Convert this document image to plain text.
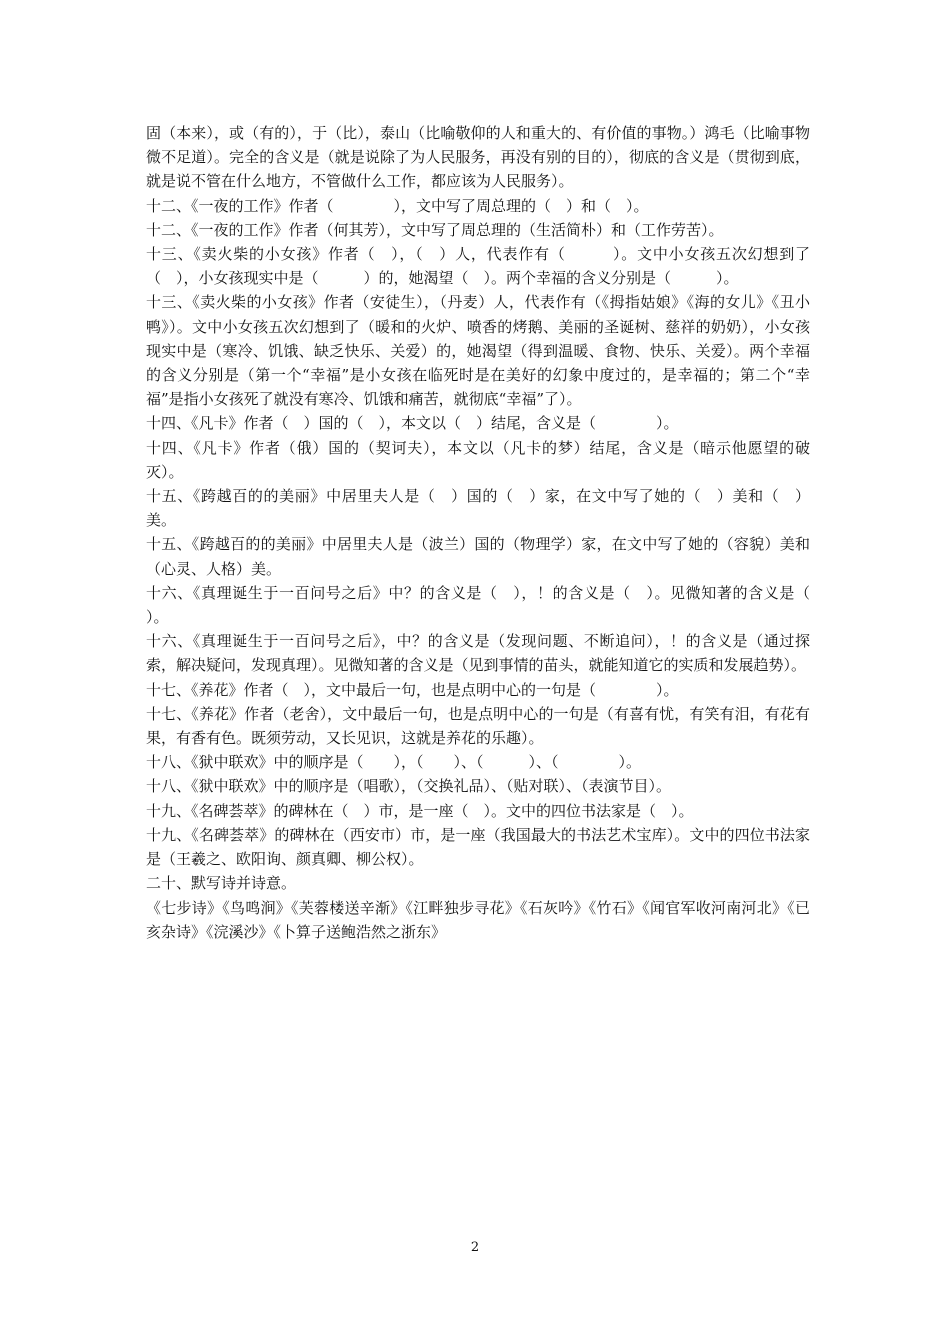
固（本来），或（有的），于（比），泰山（比喻敬仰的人和重大的、有价值的事物。）鸿毛（比喻事物微不足道）。完全的含义是（就是说除了为人民服务，再没有别的目的），彻底的含义是（贯彻到底，就是说不管在什么地方，不管做什么工作，都应该为人民服务）。

十二、《一夜的工作》作者（　　　　），文中写了周总理的（　）和（　）。

十二、《一夜的工作》作者（何其芳），文中写了周总理的（生活简朴）和（工作劳苦）。

十三、《卖火柴的小女孩》作者（　），（　）人，代表作有（　　　）。文中小女孩五次幻想到了（　），小女孩现实中是（　　　）的，她渴望（　）。两个幸福的含义分别是（　　　）。

十三、《卖火柴的小女孩》作者（安徒生），（丹麦）人，代表作有（《拇指姑娘》《海的女儿》《丑小鸭》）。文中小女孩五次幻想到了（暖和的火炉、喷香的烤鹅、美丽的圣诞树、慈祥的奶奶），小女孩现实中是（寒冷、饥饿、缺乏快乐、关爱）的，她渴望（得到温暖、食物、快乐、关爱）。两个幸福的含义分别是（第一个“幸福”是小女孩在临死时是在美好的幻象中度过的，是幸福的；第二个“幸福”是指小女孩死了就没有寒冷、饥饿和痛苦，就彻底“幸福”了）。

十四、《凡卡》作者（　）国的（　），本文以（　）结尾，含义是（　　　　）。

十四、《凡卡》作者（俄）国的（契诃夫），本文以（凡卡的梦）结尾，含义是（暗示他愿望的破灭）。

十五、《跨越百的的美丽》中居里夫人是（　）国的（　）家，在文中写了她的（　）美和（　）美。

十五、《跨越百的的美丽》中居里夫人是（波兰）国的（物理学）家，在文中写了她的（容貌）美和（心灵、人格）美。

十六、《真理诞生于一百问号之后》中？的含义是（　），！的含义是（　）。见微知著的含义是（　　　　　）。

十六、《真理诞生于一百问号之后》，中？的含义是（发现问题、不断追问），！的含义是（通过探索，解决疑问，发现真理）。见微知著的含义是（见到事情的苗头，就能知道它的实质和发展趋势）。

十七、《养花》作者（　），文中最后一句，也是点明中心的一句是（　　　　）。

十七、《养花》作者（老舍），文中最后一句，也是点明中心的一句是（有喜有忧，有笑有泪，有花有果，有香有色。既须劳动，又长见识，这就是养花的乐趣）。

十八、《狱中联欢》中的顺序是（　　），（　　）、（　　　）、（　　　　）。

十八、《狱中联欢》中的顺序是（唱歌），（交换礼品）、（贴对联）、（表演节目）。

十九、《名碑荟萃》的碑林在（　）市，是一座（　）。文中的四位书法家是（　）。

十九、《名碑荟萃》的碑林在（西安市）市，是一座（我国最大的书法艺术宝库）。文中的四位书法家是（王羲之、欧阳询、颜真卿、柳公权）。

二十、默写诗并诗意。

《七步诗》《鸟鸣涧》《芙蓉楼送辛渐》《江畔独步寻花》《石灰吟》《竹石》《闻官军收河南河北》《已亥杂诗》《浣溪沙》《卜算子送鲍浩然之浙东》

2
